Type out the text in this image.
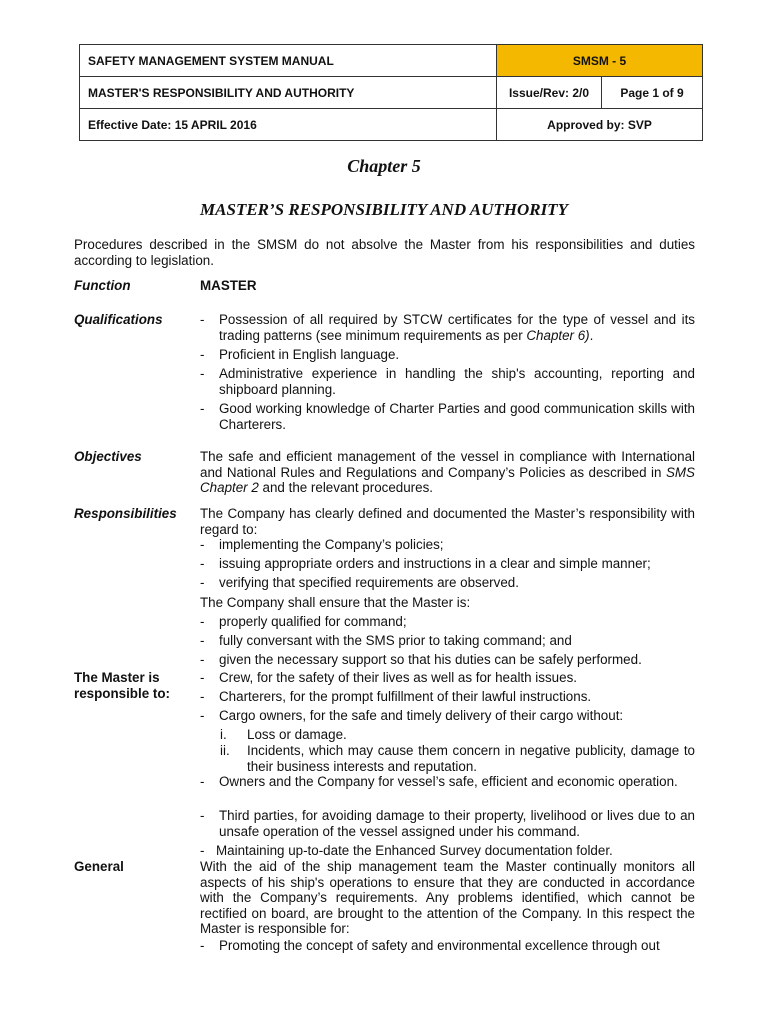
SAFETY MANAGEMENT SYSTEM MANUAL	SMSM - 5	
MASTER'S RESPONSIBILITY AND AUTHORITY	Issue/Rev: 2/0	Page 1 of 9
Effective Date: 15 APRIL 2016	Approved by: SVP	
Chapter 5
MASTER’S RESPONSIBILITY AND AUTHORITY
Procedures described in the SMSM do not absolve the Master from his responsibilities and duties according to legislation.
Function	MASTER
Qualifications	- Possession of all required by STCW certificates for the type of vessel and its trading patterns (see minimum requirements as per Chapter 6).
- Proficient in English language.
- Administrative experience in handling the ship's accounting, reporting and shipboard planning.
- Good working knowledge of Charter Parties and good communication skills with Charterers.
Objectives	The safe and efficient management of the vessel in compliance with International and National Rules and Regulations and Company’s Policies as described in SMS Chapter 2 and the relevant procedures.
Responsibilities The Company has clearly defined and documented the Master’s responsibility with regard to:
- implementing the Company’s policies;
- issuing appropriate orders and instructions in a clear and simple manner;
- verifying that specified requirements are observed.
The Company shall ensure that the Master is:
- properly qualified for command;
- fully conversant with the SMS prior to taking command; and
- given the necessary support so that his duties can be safely performed.
The Master is responsible to:
- Crew, for the safety of their lives as well as for health issues.
- Charterers, for the prompt fulfillment of their lawful instructions.
- Cargo owners, for the safe and timely delivery of their cargo without:
i. Loss or damage.
ii. Incidents, which may cause them concern in negative publicity, damage to their business interests and reputation.
- Owners and the Company for vessel’s safe, efficient and economic operation.
- Third parties, for avoiding damage to their property, livelihood or lives due to an unsafe operation of the vessel assigned under his command.
- Maintaining up-to-date the Enhanced Survey documentation folder.
General	With the aid of the ship management team the Master continually monitors all aspects of his ship's operations to ensure that they are conducted in accordance with the Company’s requirements. Any problems identified, which cannot be rectified on board, are brought to the attention of the Company. In this respect the Master is responsible for:
- Promoting the concept of safety and environmental excellence through out
